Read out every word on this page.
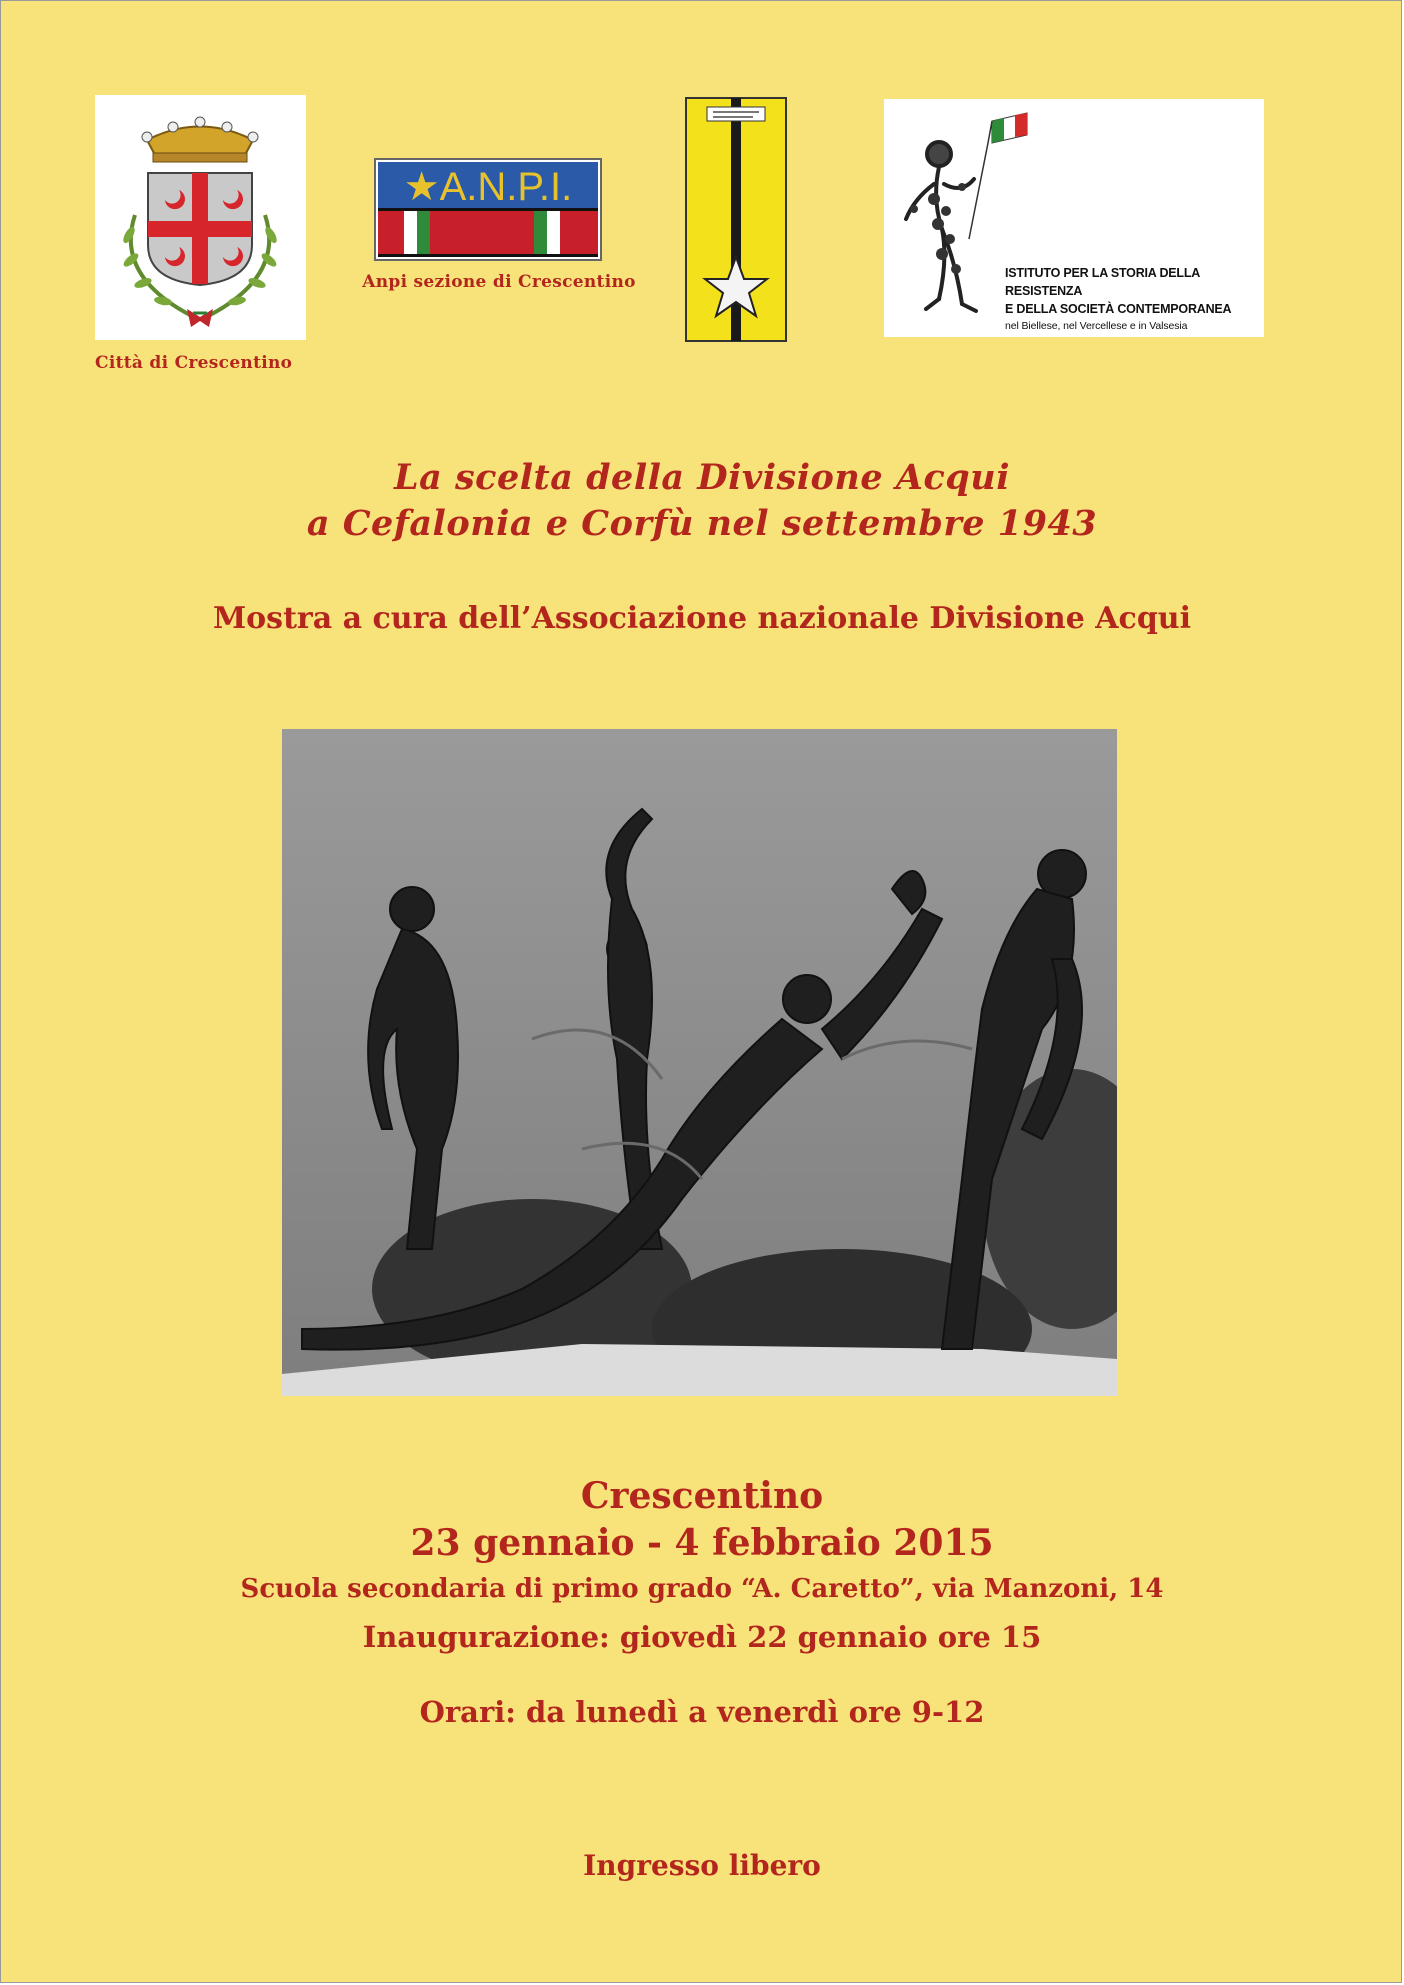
Città di Crescentino
★A.N.P.I.
Anpi sezione di Crescentino	ISTITUTO PER LA STORIA DELLA RESISTENZA
E DELLA SOCIETÀ CONTEMPORANEA
nel Biellese, nel Vercellese e in Valsesia
La scelta della Divisione Acqui
a Cefalonia e Corfù nel settembre 1943
Mostra a cura dell’Associazione nazionale Divisione Acqui
Crescentino
23 gennaio - 4 febbraio 2015
Scuola secondaria di primo grado “A. Caretto”, via Manzoni, 14
Inaugurazione: giovedì 22 gennaio ore 15
Orari: da lunedì a venerdì ore 9-12
Ingresso libero
